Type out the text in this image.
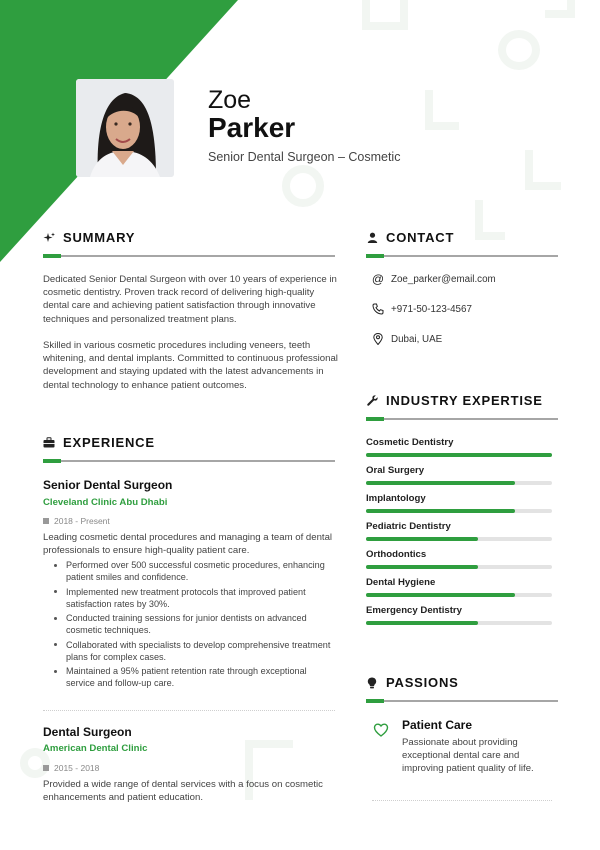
Zoe
Parker
Senior Dental Surgeon – Cosmetic
SUMMARY

Dedicated Senior Dental Surgeon with over 10 years of experience in cosmetic dentistry. Proven track record of delivering high-quality dental care and achieving patient satisfaction through innovative techniques and personalized treatment plans.

Skilled in various cosmetic procedures including veneers, teeth whitening, and dental implants. Committed to continuous professional development and staying updated with the latest advancements in dental technology to enhance patient outcomes.

CONTACT
@ Zoe_parker@email.com
+971-50-123-4567
Dubai, UAE
INDUSTRY EXPERTISE
Cosmetic Dentistry
Oral Surgery
Implantology
Pediatric Dentistry
Orthodontics
Dental Hygiene
Emergency Dentistry
EXPERIENCE
Senior Dental Surgeon
Cleveland Clinic Abu Dhabi
2018 - Present
Leading cosmetic dental procedures and managing a team of dental professionals to ensure high-quality patient care.
Performed over 500 successful cosmetic procedures, enhancing patient smiles and confidence.
Implemented new treatment protocols that improved patient satisfaction rates by 30%.
Conducted training sessions for junior dentists on advanced cosmetic techniques.
Collaborated with specialists to develop comprehensive treatment plans for complex cases.
Maintained a 95% patient retention rate through exceptional service and follow-up care.
Dental Surgeon
American Dental Clinic
2015 - 2018
Provided a wide range of dental services with a focus on cosmetic enhancements and patient education.
PASSIONS
Patient Care
Passionate about providing exceptional dental care and improving patient quality of life.
